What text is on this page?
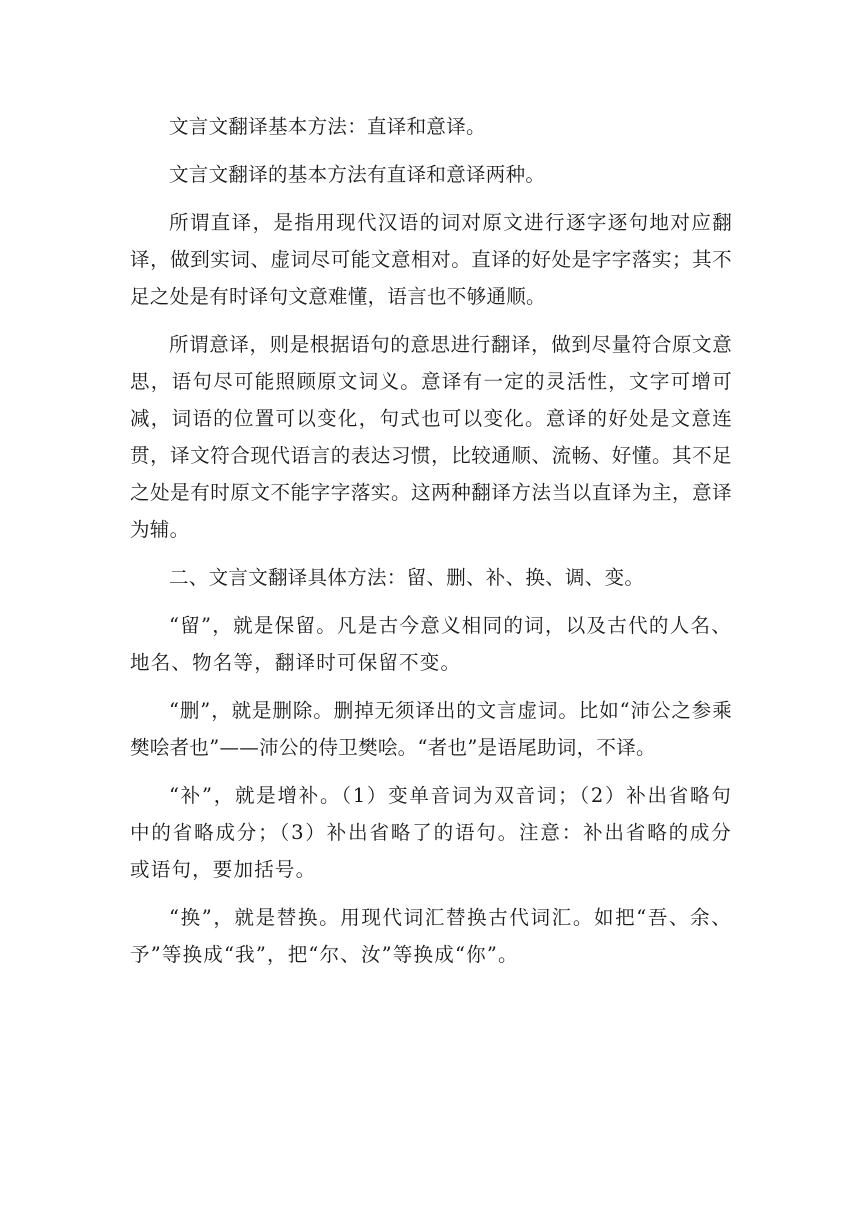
文言文翻译基本方法：直译和意译。

文言文翻译的基本方法有直译和意译两种。

所谓直译，是指用现代汉语的词对原文进行逐字逐句地对应翻译，做到实词、虚词尽可能文意相对。直译的好处是字字落实；其不足之处是有时译句文意难懂，语言也不够通顺。

所谓意译，则是根据语句的意思进行翻译，做到尽量符合原文意思，语句尽可能照顾原文词义。意译有一定的灵活性，文字可增可减，词语的位置可以变化，句式也可以变化。意译的好处是文意连贯，译文符合现代语言的表达习惯，比较通顺、流畅、好懂。其不足之处是有时原文不能字字落实。这两种翻译方法当以直译为主，意译为辅。

二、文言文翻译具体方法：留、删、补、换、调、变。

“留”，就是保留。凡是古今意义相同的词，以及古代的人名、地名、物名等，翻译时可保留不变。

“删”，就是删除。删掉无须译出的文言虚词。比如“沛公之参乘樊哙者也”——沛公的侍卫樊哙。“者也”是语尾助词，不译。

“补”，就是增补。（1）变单音词为双音词；（2）补出省略句中的省略成分；（3）补出省略了的语句。注意：补出省略的成分或语句，要加括号。

“换”，就是替换。用现代词汇替换古代词汇。如把“吾、余、予”等换成“我”，把“尔、汝”等换成“你”。
